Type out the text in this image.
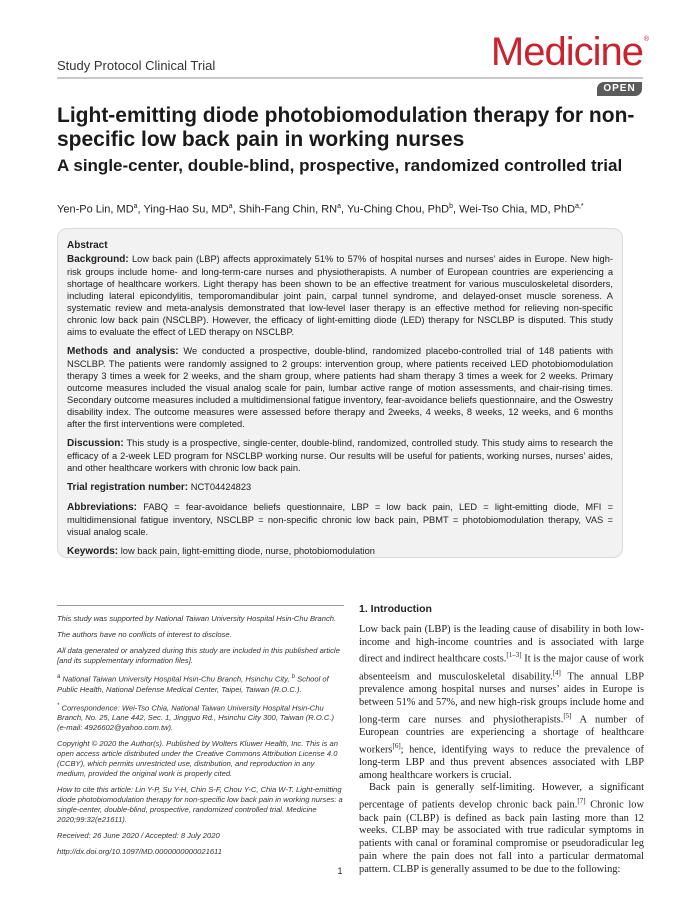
Study Protocol Clinical Trial	Medicine ®
OPEN
Light-emitting diode photobiomodulation therapy for non-specific low back pain in working nurses
A single-center, double-blind, prospective, randomized controlled trial
Yen-Po Lin, $MD^a$, Ying-Hao Su, $MD^a$, Shih-Fang Chin, $RN^a$, Yu-Ching Chou, PhD$^b$, Wei-Tso Chia, MD, PhD$^{a,*}$
Abstract

Background: Low back pain (LBP) affects approximately 51% to 57% of hospital nurses and nurses’ aides in Europe. New high-risk groups include home- and long-term-care nurses and physiotherapists. A number of European countries are experiencing a shortage of healthcare workers. Light therapy has been shown to be an effective treatment for various musculoskeletal disorders, including lateral epicondylitis, temporomandibular joint pain, carpal tunnel syndrome, and delayed-onset muscle soreness. A systematic review and meta-analysis demonstrated that low-level laser therapy is an effective method for relieving non-specific chronic low back pain (NSCLBP). However, the efficacy of light-emitting diode (LED) therapy for NSCLBP is disputed. This study aims to evaluate the effect of LED therapy on NSCLBP.

Methods and analysis: We conducted a prospective, double-blind, randomized placebo-controlled trial of 148 patients with NSCLBP. The patients were randomly assigned to 2 groups: intervention group, where patients received LED photobiomodulation therapy 3 times a week for 2 weeks, and the sham group, where patients had sham therapy 3 times a week for 2 weeks. Primary outcome measures included the visual analog scale for pain, lumbar active range of motion assessments, and chair-rising times. Secondary outcome measures included a multidimensional fatigue inventory, fear-avoidance beliefs questionnaire, and the Oswestry disability index. The outcome measures were assessed before therapy and 2weeks, 4 weeks, 8 weeks, 12 weeks, and 6 months after the first interventions were completed.

Discussion: This study is a prospective, single-center, double-blind, randomized, controlled study. This study aims to research the efficacy of a 2-week LED program for NSCLBP working nurse. Our results will be useful for patients, working nurses, nurses’ aides, and other healthcare workers with chronic low back pain.

Trial registration number: NCT04424823

Abbreviations: FABQ = fear-avoidance beliefs questionnaire, LBP = low back pain, LED = light-emitting diode, MFI = multidimensional fatigue inventory, NSCLBP = non-specific chronic low back pain, PBMT = photobiomodulation therapy, VAS = visual analog scale.

Keywords: low back pain, light-emitting diode, nurse, photobiomodulation

This study was supported by National Taiwan University Hospital Hsin-Chu Branch.

The authors have no conflicts of interest to disclose.

All data generated or analyzed during this study are included in this published article [and its supplementary information files].

$^a$ National Taiwan University Hospital Hsin-Chu Branch, Hsinchu City, $^b$ School of Public Health, National Defense Medical Center, Taipei, Taiwan (R.O.C.).

* Correspondence: Wei-Tso Chia, National Taiwan University Hospital Hsin-Chu Branch, No. 25, Lane 442, Sec. 1, Jingguo Rd., Hsinchu City 300, Taiwan (R.O.C.) (e-mail: 4926602@yahoo.com.tw).

Copyright © 2020 the Author(s). Published by Wolters Kluwer Health, Inc. This is an open access article distributed under the Creative Commons Attribution License 4.0 (CCBY), which permits unrestricted use, distribution, and reproduction in any medium, provided the original work is properly cited.

How to cite this article: Lin Y-P, Su Y-H, Chin S-F, Chou Y-C, Chia W-T. Light-emitting diode photobiomodulation therapy for non-specific low back pain in working nurses: a single-center, double-blind, prospective, randomized controlled trial. Medicine 2020;99:32(e21611).

Received: 26 June 2020 / Accepted: 8 July 2020

http://dx.doi.org/10.1097/MD.0000000000021611

1. Introduction

Low back pain (LBP) is the leading cause of disability in both low-income and high-income countries and is associated with large direct and indirect healthcare costs.[1–3] It is the major cause of work absenteeism and musculoskeletal disability.[4] The annual LBP prevalence among hospital nurses and nurses’ aides in Europe is between 51% and 57%, and new high-risk groups include home and long-term care nurses and physiotherapists.[5] A number of European countries are experiencing a shortage of healthcare workers[6]; hence, identifying ways to reduce the prevalence of long-term LBP and thus prevent absences associated with LBP among healthcare workers is crucial.

Back pain is generally self-limiting. However, a significant percentage of patients develop chronic back pain.[7] Chronic low back pain (CLBP) is defined as back pain lasting more than 12 weeks. CLBP may be associated with true radicular symptoms in patients with canal or foraminal compromise or pseudoradicular leg pain where the pain does not fall into a particular dermatomal pattern. CLBP is generally assumed to be due to the following:

1
